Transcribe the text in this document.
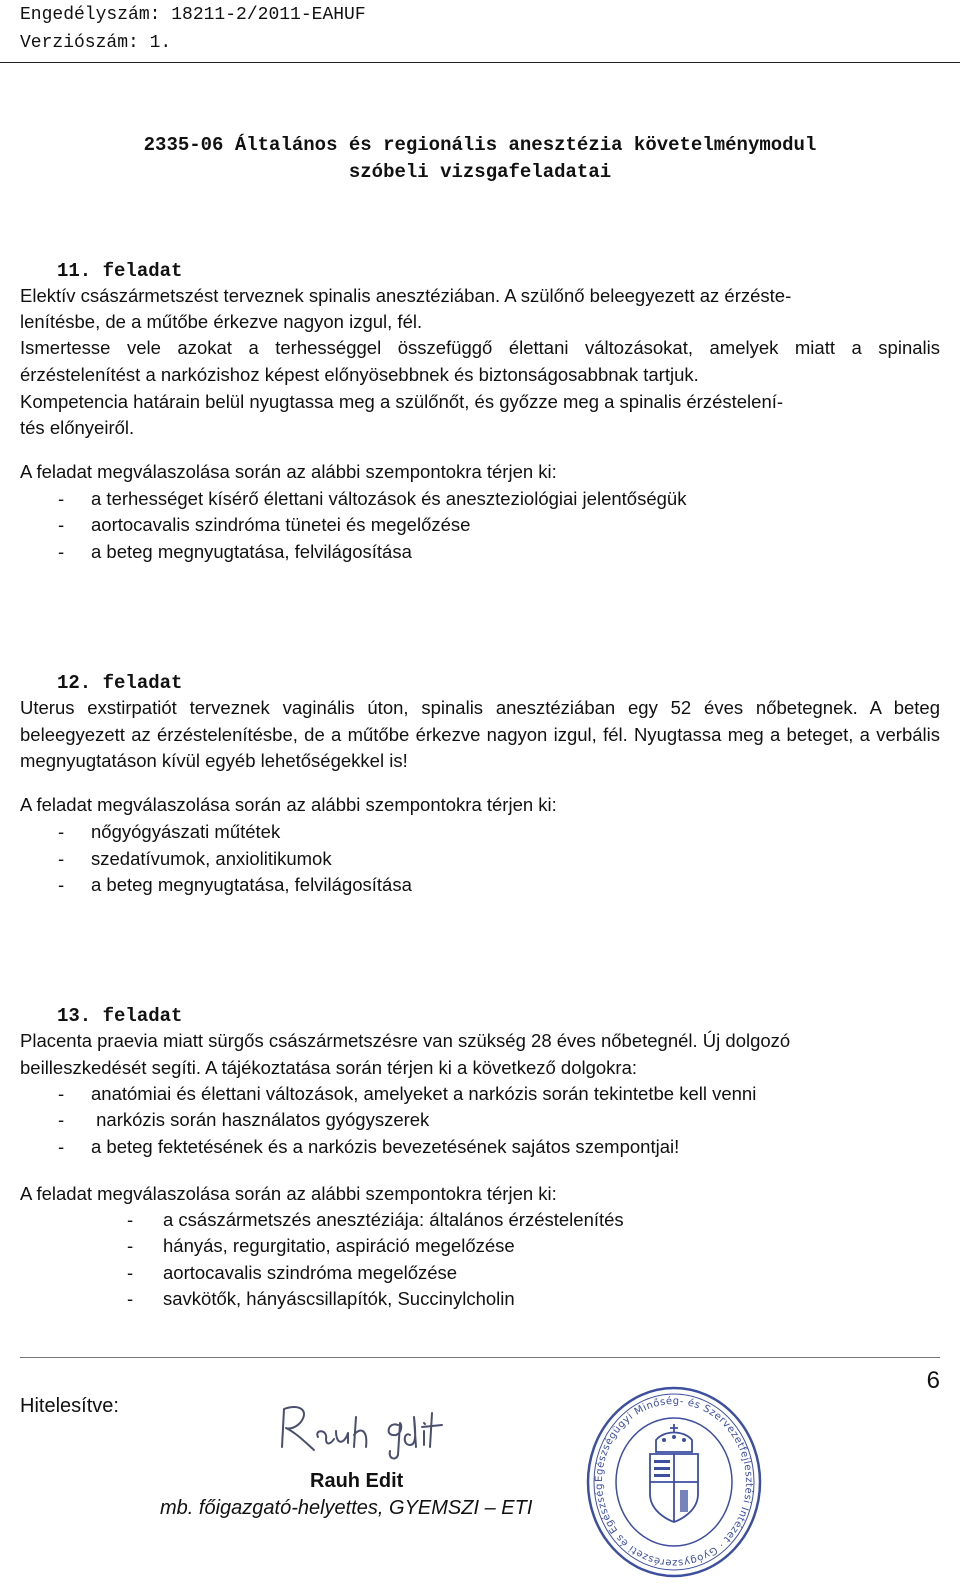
Engedélyszám: 18211-2/2011-EAHUF
Verziószám: 1.
2335-06 Általános és regionális anesztézia követelménymodul
szóbeli vizsgafeladatai
11. feladat
Elektív császármetszést terveznek spinalis anesztéziában. A szülőnő beleegyezett az érzéste-
lenítésbe, de a műtőbe érkezve nagyon izgul, fél.

Ismertesse vele azokat a terhességgel összefüggő élettani változásokat, amelyek miatt a spinalis érzéstelenítést a narkózishoz képest előnyösebbnek és biztonságosabbnak tartjuk.

Kompetencia határain belül nyugtassa meg a szülőnőt, és győzze meg a spinalis érzéstelení-
tés előnyeiről.
A feladat megválaszolása során az alábbi szempontokra térjen ki:
- a terhességet kísérő élettani változások és aneszteziológiai jelentőségük
- aortocavalis szindróma tünetei és megelőzése
- a beteg megnyugtatása, felvilágosítása
12. feladat

Uterus exstirpatiót terveznek vaginális úton, spinalis anesztéziában egy 52 éves nőbetegnek. A beteg beleegyezett az érzéstelenítésbe, de a műtőbe érkezve nagyon izgul, fél. Nyugtassa meg a beteget, a verbális megnyugtatáson kívül egyéb lehetőségekkel is!

A feladat megválaszolása során az alábbi szempontokra térjen ki:
- nőgyógyászati műtétek
- szedatívumok, anxiolitikumok
- a beteg megnyugtatása, felvilágosítása
13. feladat
Placenta praevia miatt sürgős császármetszésre van szükség 28 éves nőbetegnél. Új dolgozó
beilleszkedését segíti. A tájékoztatása során térjen ki a következő dolgokra:
- anatómiai és élettani változások, amelyeket a narkózis során tekintetbe kell venni
- narkózis során használatos gyógyszerek
- a beteg fektetésének és a narkózis bevezetésének sajátos szempontjai!
A feladat megválaszolása során az alábbi szempontokra térjen ki:
- a császármetszés anesztéziája: általános érzéstelenítés
- hányás, regurgitatio, aspiráció megelőzése
- aortocavalis szindróma megelőzése
- savkötők, hányáscsillapítók, Succinylcholin
6
Hitelesítve:
Rauh Edit
mb. főigazgató-helyettes, GYEMSZI – ETI
Egészségügyi Minőség- és Szervezetfejlesztési Intézet · Gyógyszerészeti és Egészség
